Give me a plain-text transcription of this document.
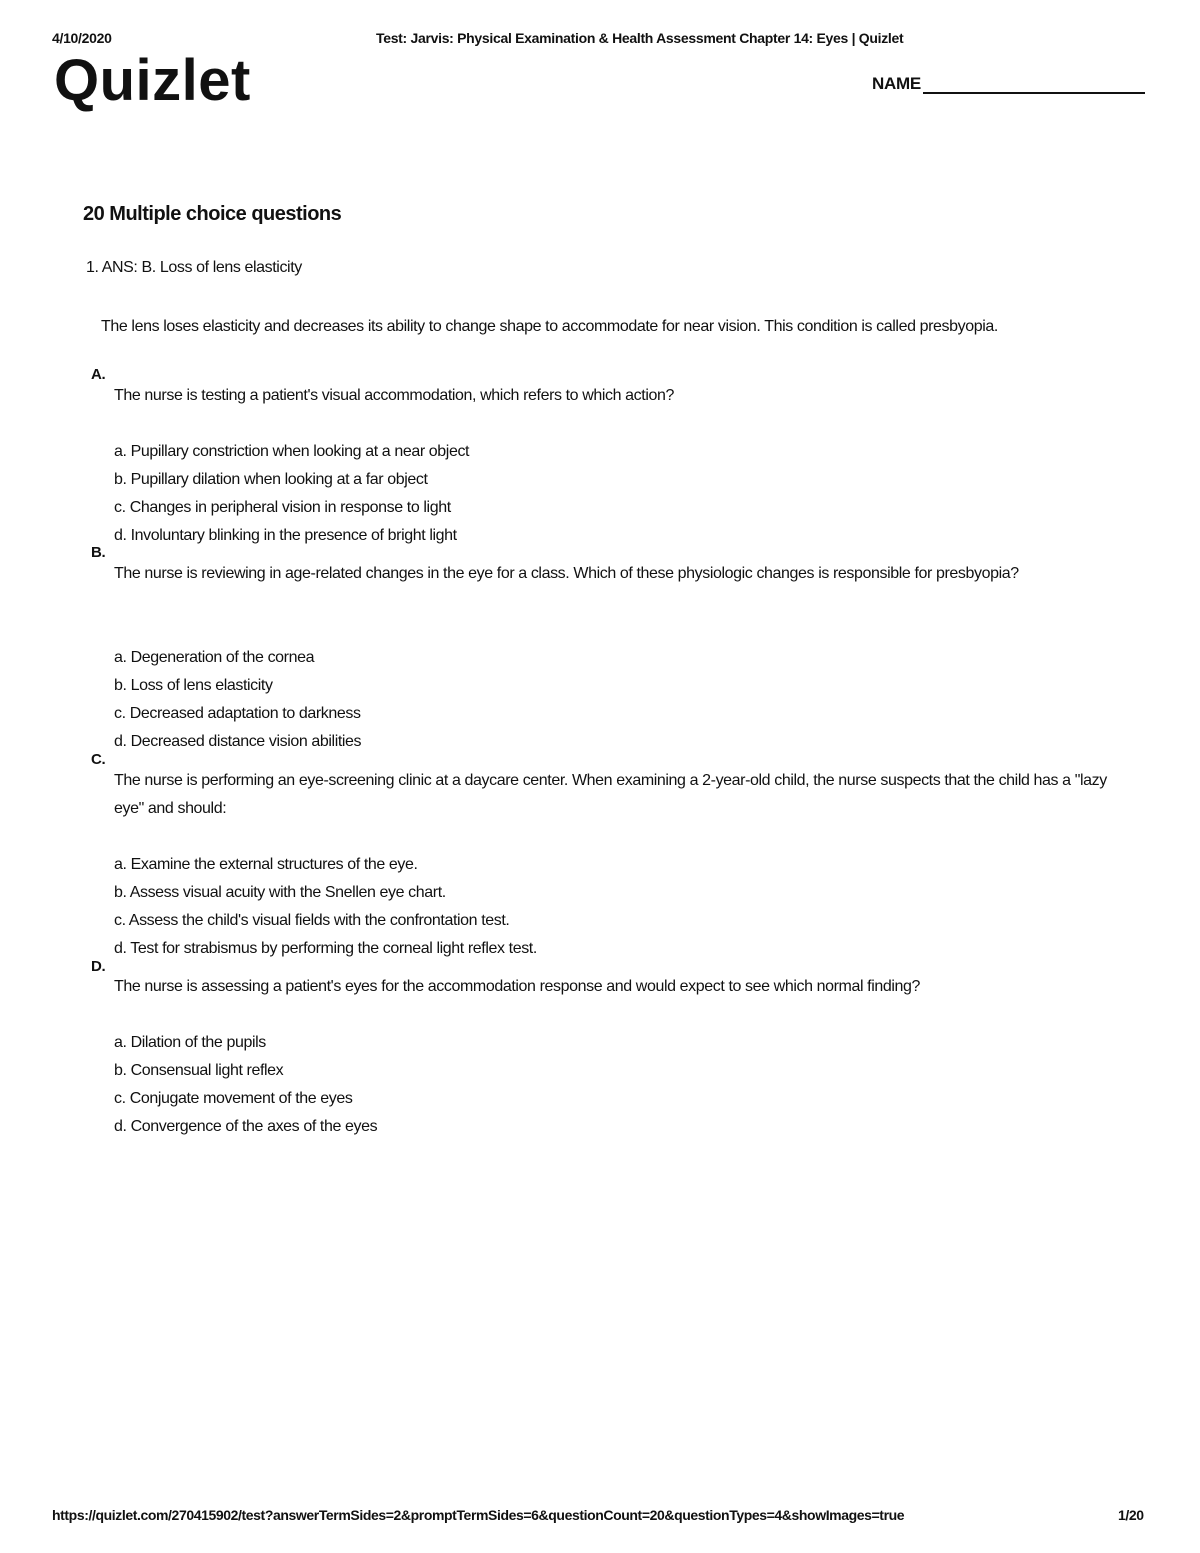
4/10/2020	Test: Jarvis: Physical Examination & Health Assessment Chapter 14: Eyes | Quizlet
Quizlet	NAME
20 Multiple choice questions
1. ANS: B. Loss of lens elasticity
The lens loses elasticity and decreases its ability to change shape to accommodate for near vision. This condition is called presbyopia.
A.
The nurse is testing a patient's visual accommodation, which refers to which action?
a. Pupillary constriction when looking at a near object
b. Pupillary dilation when looking at a far object
c. Changes in peripheral vision in response to light
d. Involuntary blinking in the presence of bright light
B.
The nurse is reviewing in age-related changes in the eye for a class. Which of these physiologic changes is responsible for presbyopia?
a. Degeneration of the cornea
b. Loss of lens elasticity
c. Decreased adaptation to darkness
d. Decreased distance vision abilities
C.
The nurse is performing an eye-screening clinic at a daycare center. When examining a 2-year-old child, the nurse suspects that the child has a "lazy eye" and should:
a. Examine the external structures of the eye.
b. Assess visual acuity with the Snellen eye chart.
c. Assess the child's visual fields with the confrontation test.
d. Test for strabismus by performing the corneal light reflex test.
D.
The nurse is assessing a patient's eyes for the accommodation response and would expect to see which normal finding?
a. Dilation of the pupils
b. Consensual light reflex
c. Conjugate movement of the eyes
d. Convergence of the axes of the eyes
https://quizlet.com/270415902/test?answerTermSides=2&promptTermSides=6&questionCount=20&questionTypes=4&showImages=true	1/20
